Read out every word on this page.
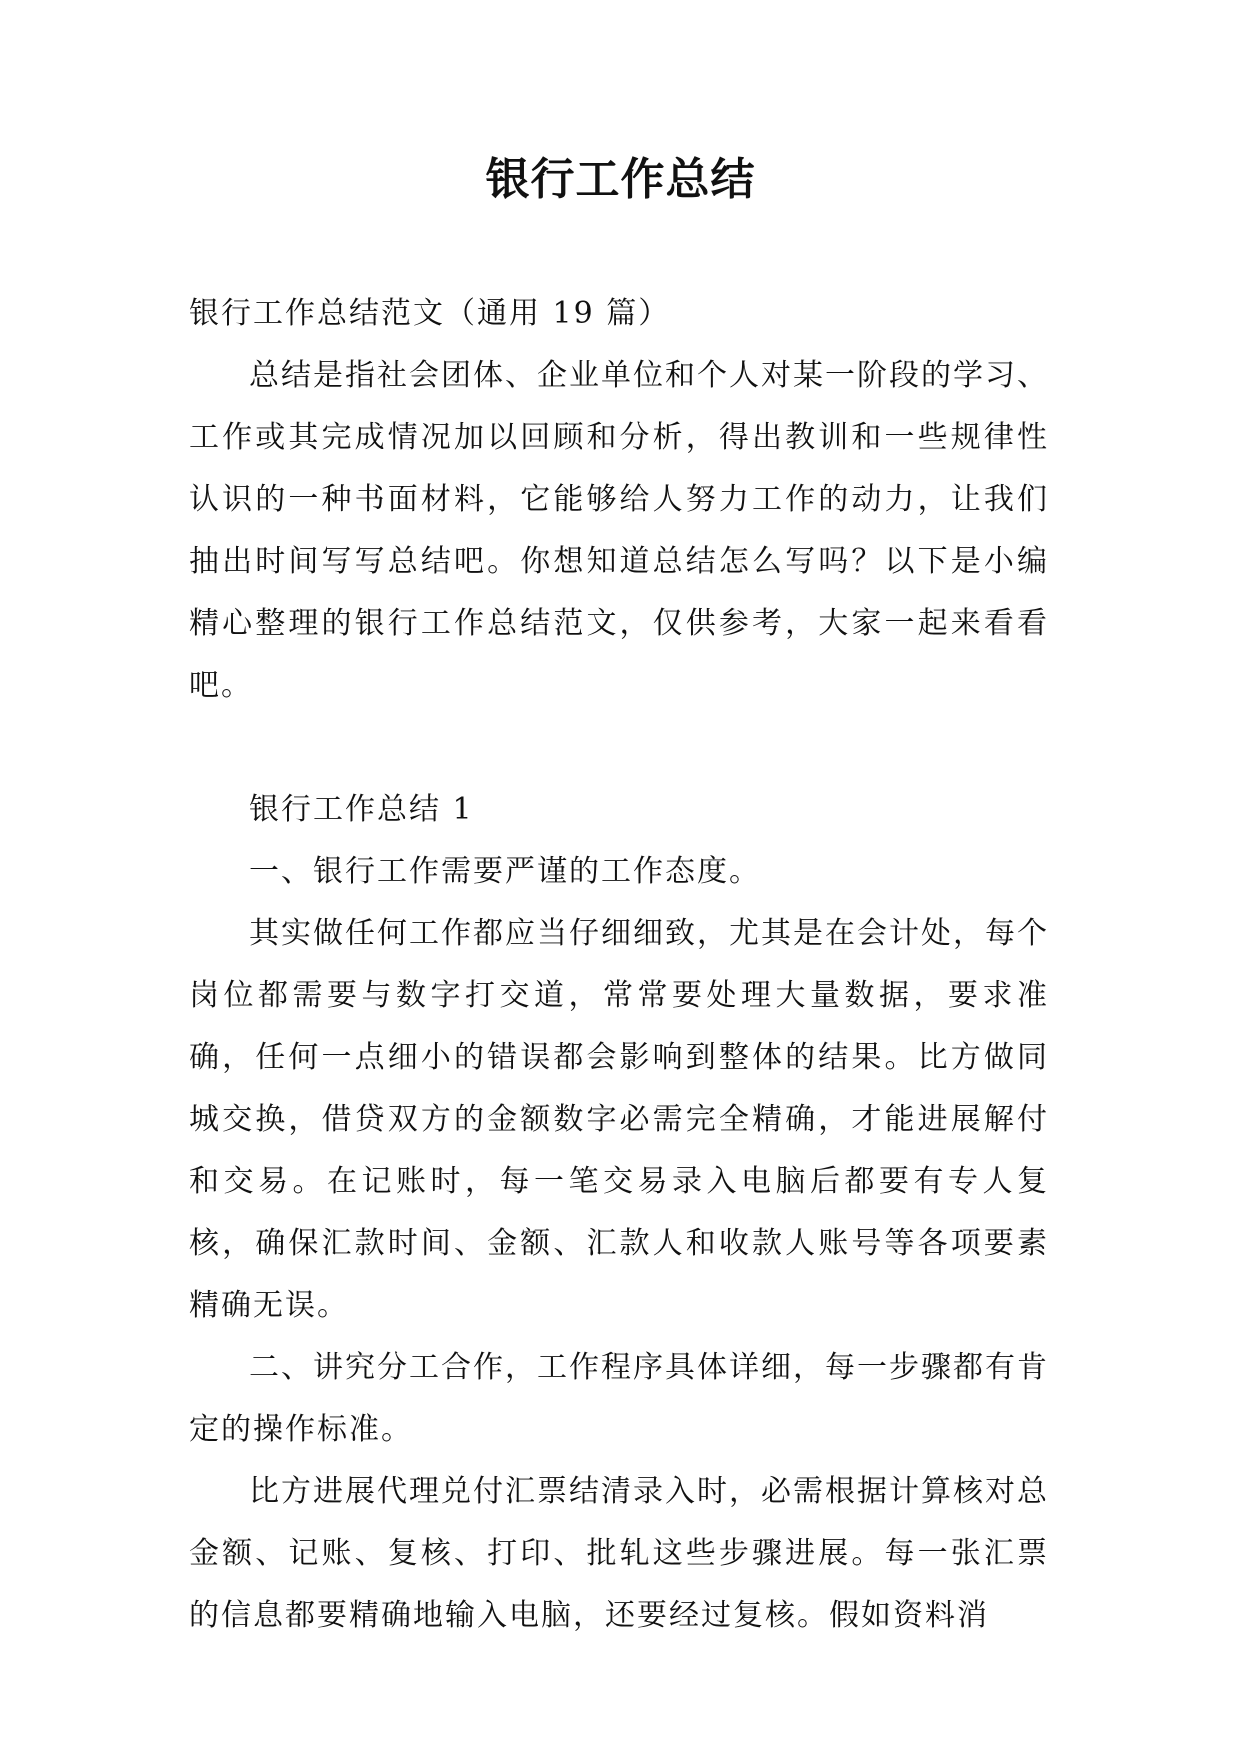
银行工作总结

银行工作总结范文（通用 19 篇）

总结是指社会团体、企业单位和个人对某一阶段的学习、工作或其完成情况加以回顾和分析，得出教训和一些规律性认识的一种书面材料，它能够给人努力工作的动力，让我们抽出时间写写总结吧。你想知道总结怎么写吗？以下是小编精心整理的银行工作总结范文，仅供参考，大家一起来看看吧。

银行工作总结 1

一、银行工作需要严谨的工作态度。

其实做任何工作都应当仔细细致，尤其是在会计处，每个岗位都需要与数字打交道，常常要处理大量数据，要求准确，任何一点细小的错误都会影响到整体的结果。比方做同城交换，借贷双方的金额数字必需完全精确，才能进展解付和交易。在记账时，每一笔交易录入电脑后都要有专人复核，确保汇款时间、金额、汇款人和收款人账号等各项要素精确无误。

二、讲究分工合作，工作程序具体详细，每一步骤都有肯定的操作标准。

比方进展代理兑付汇票结清录入时，必需根据计算核对总金额、记账、复核、打印、批轧这些步骤进展。每一张汇票的信息都要精确地输入电脑，还要经过复核。假如资料消
